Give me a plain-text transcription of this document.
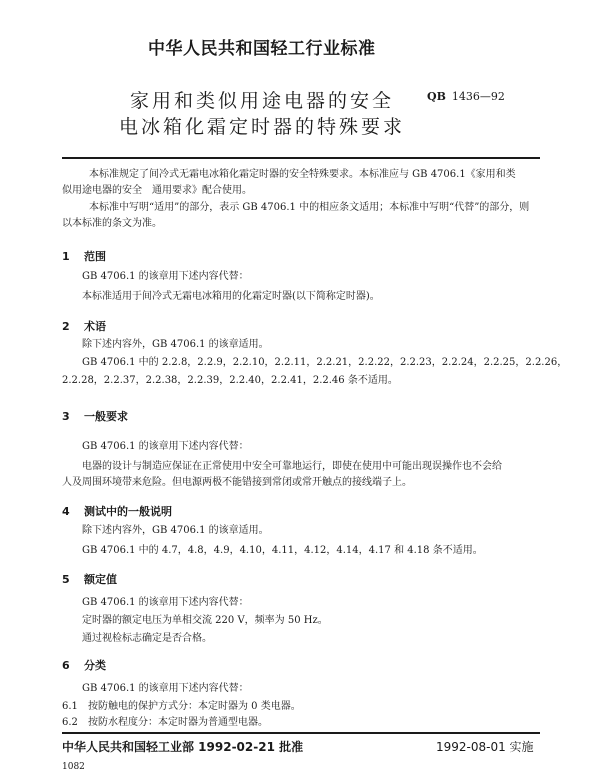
中华人民共和国轻工行业标准
家用和类似用途电器的安全
电冰箱化霜定时器的特殊要求
QB 1436—92
本标准规定了间冷式无霜电冰箱化霜定时器的安全特殊要求。本标准应与 GB 4706.1《家用和类
似用途电器的安全　通用要求》配合使用。
本标准中写明“适用”的部分，表示 GB 4706.1 中的相应条文适用；本标准中写明“代替”的部分，则
以本标准的条文为准。
1 范围
GB 4706.1 的该章用下述内容代替：
本标准适用于间冷式无霜电冰箱用的化霜定时器(以下简称定时器)。
2 术语
除下述内容外，GB 4706.1 的该章适用。
GB 4706.1 中的 2.2.8，2.2.9，2.2.10，2.2.11，2.2.21，2.2.22，2.2.23，2.2.24，2.2.25，2.2.26，
2.2.28，2.2.37，2.2.38，2.2.39，2.2.40，2.2.41，2.2.46 条不适用。
3 一般要求
GB 4706.1 的该章用下述内容代替：
电器的设计与制造应保证在正常使用中安全可靠地运行，即使在使用中可能出现误操作也不会给
人及周围环境带来危险。但电源两极不能错接到常闭或常开触点的接线端子上。
4 测试中的一般说明
除下述内容外，GB 4706.1 的该章适用。
GB 4706.1 中的 4.7，4.8，4.9，4.10，4.11，4.12，4.14，4.17 和 4.18 条不适用。
5 额定值
GB 4706.1 的该章用下述内容代替：
定时器的额定电压为单相交流 220 V，频率为 50 Hz。
通过视检标志确定是否合格。
6 分类
GB 4706.1 的该章用下述内容代替：
6.1 按防触电的保护方式分：本定时器为 0 类电器。
6.2 按防水程度分：本定时器为普通型电器。
中华人民共和国轻工业部 1992-02-21 批准	1992-08-01 实施
1082
